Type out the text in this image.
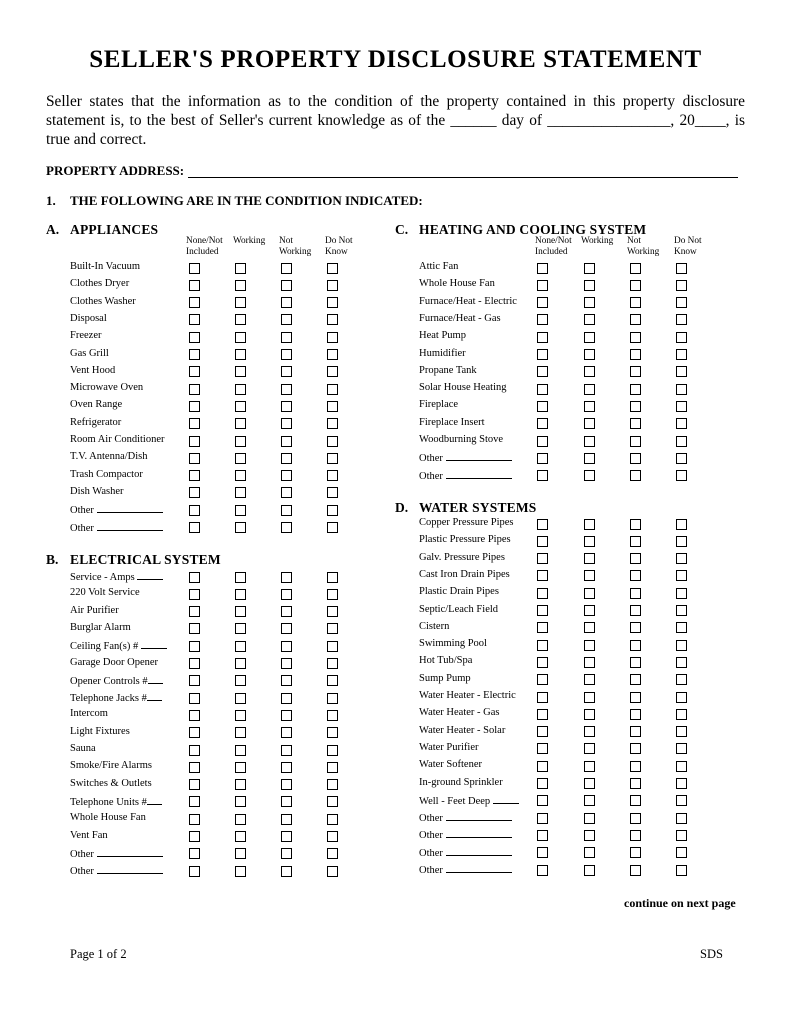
SELLER'S PROPERTY DISCLOSURE STATEMENT
Seller states that the information as to the condition of the property contained in this property disclosure statement is, to the best of Seller's current knowledge as of the ______ day of ________________, 20____, is true and correct.
PROPERTY ADDRESS:
1. THE FOLLOWING ARE IN THE CONDITION INDICATED:
A. APPLIANCES
None/Not
Included
Working Not
Working
Do Not
Know
Built-In Vacuum
Clothes Dryer
Clothes Washer
Disposal
Freezer
Gas Grill
Vent Hood
Microwave Oven
Oven Range
Refrigerator
Room Air Conditioner
T.V. Antenna/Dish
Trash Compactor
Dish Washer
Other
Other
B. ELECTRICAL SYSTEM
Service - Amps
220 Volt Service
Air Purifier
Burglar Alarm
Ceiling Fan(s) #
Garage Door Opener
Opener Controls #
Telephone Jacks #
Intercom
Light Fixtures
Sauna
Smoke/Fire Alarms
Switches & Outlets
Telephone Units #
Whole House Fan
Vent Fan
Other
Other
C. HEATING AND COOLING SYSTEM
None/Not
Included
Working Not
Working
Do Not
Know
Attic Fan
Whole House Fan
Furnace/Heat - Electric
Furnace/Heat - Gas
Heat Pump
Humidifier
Propane Tank
Solar House Heating
Fireplace
Fireplace Insert
Woodburning Stove
Other
Other
D. WATER SYSTEMS
Copper Pressure Pipes
Plastic Pressure Pipes
Galv. Pressure Pipes
Cast Iron Drain Pipes
Plastic Drain Pipes
Septic/Leach Field
Cistern
Swimming Pool
Hot Tub/Spa
Sump Pump
Water Heater - Electric
Water Heater - Gas
Water Heater - Solar
Water Purifier
Water Softener
In-ground Sprinkler
Well - Feet Deep
Other
Other
Other
Other
continue on next page
Page 1 of 2	SDS
